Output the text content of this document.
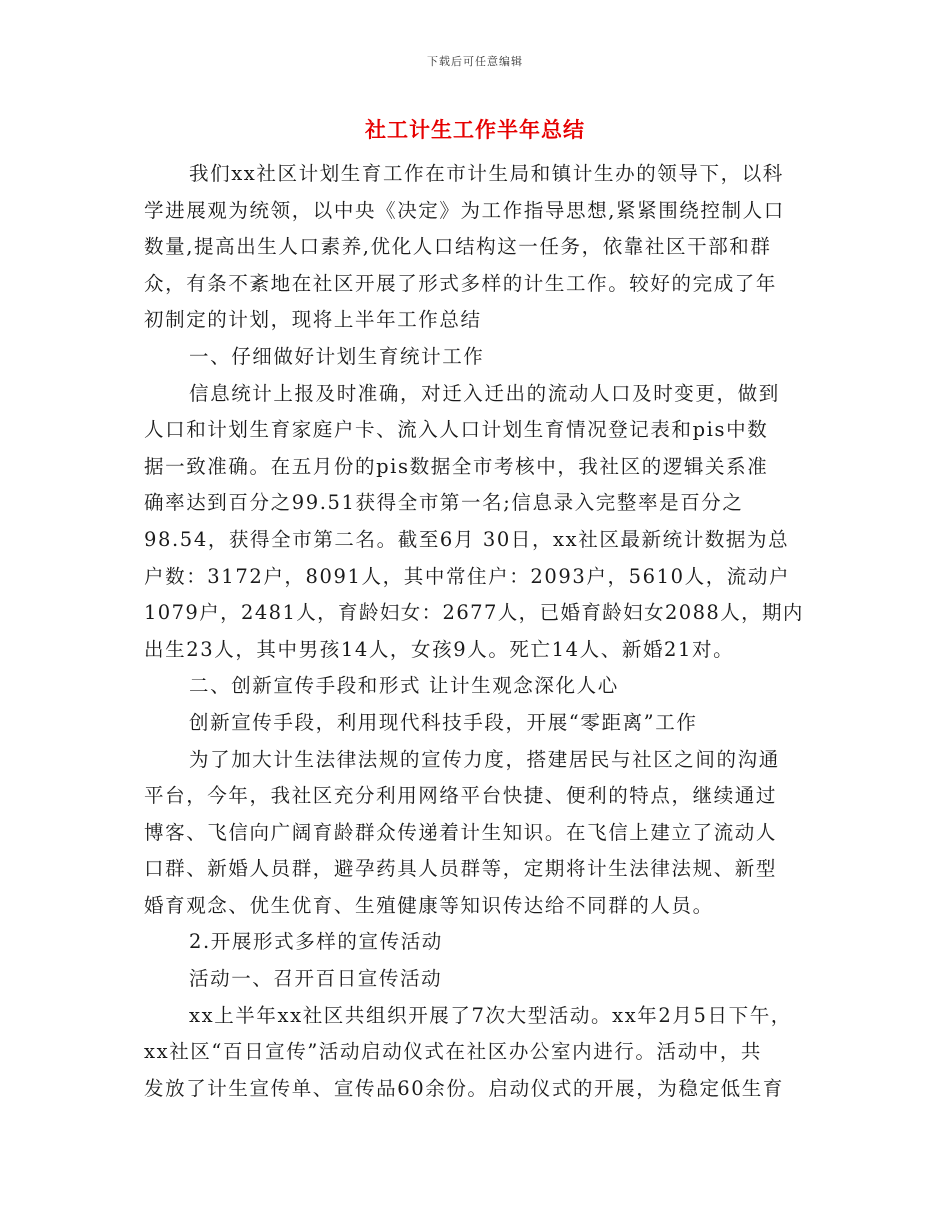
下载后可任意编辑
社工计生工作半年总结
我们xx社区计划生育工作在市计生局和镇计生办的领导下，以科
学进展观为统领，以中央《决定》为工作指导思想,紧紧围绕控制人口
数量,提高出生人口素养,优化人口结构这一任务，依靠社区干部和群
众，有条不紊地在社区开展了形式多样的计生工作。较好的完成了年
初制定的计划，现将上半年工作总结
一、仔细做好计划生育统计工作
信息统计上报及时准确，对迁入迁出的流动人口及时变更，做到
人口和计划生育家庭户卡、流入人口计划生育情况登记表和pis中数
据一致准确。在五月份的pis数据全市考核中，我社区的逻辑关系准
确率达到百分之99.51获得全市第一名;信息录入完整率是百分之
98.54，获得全市第二名。截至6月 30日，xx社区最新统计数据为总
户数：3172户，8091人，其中常住户：2093户，5610人，流动户
1079户，2481人，育龄妇女：2677人，已婚育龄妇女2088人，期内
出生23人，其中男孩14人，女孩9人。死亡14人、新婚21对。
二、创新宣传手段和形式 让计生观念深化人心
创新宣传手段，利用现代科技手段，开展“零距离”工作
为了加大计生法律法规的宣传力度，搭建居民与社区之间的沟通
平台，今年，我社区充分利用网络平台快捷、便利的特点，继续通过
博客、飞信向广阔育龄群众传递着计生知识。在飞信上建立了流动人
口群、新婚人员群，避孕药具人员群等，定期将计生法律法规、新型
婚育观念、优生优育、生殖健康等知识传达给不同群的人员。
2.开展形式多样的宣传活动
活动一、召开百日宣传活动
xx上半年xx社区共组织开展了7次大型活动。xx年2月5日下午，
xx社区“百日宣传”活动启动仪式在社区办公室内进行。活动中，共
发放了计生宣传单、宣传品60余份。启动仪式的开展，为稳定低生育
